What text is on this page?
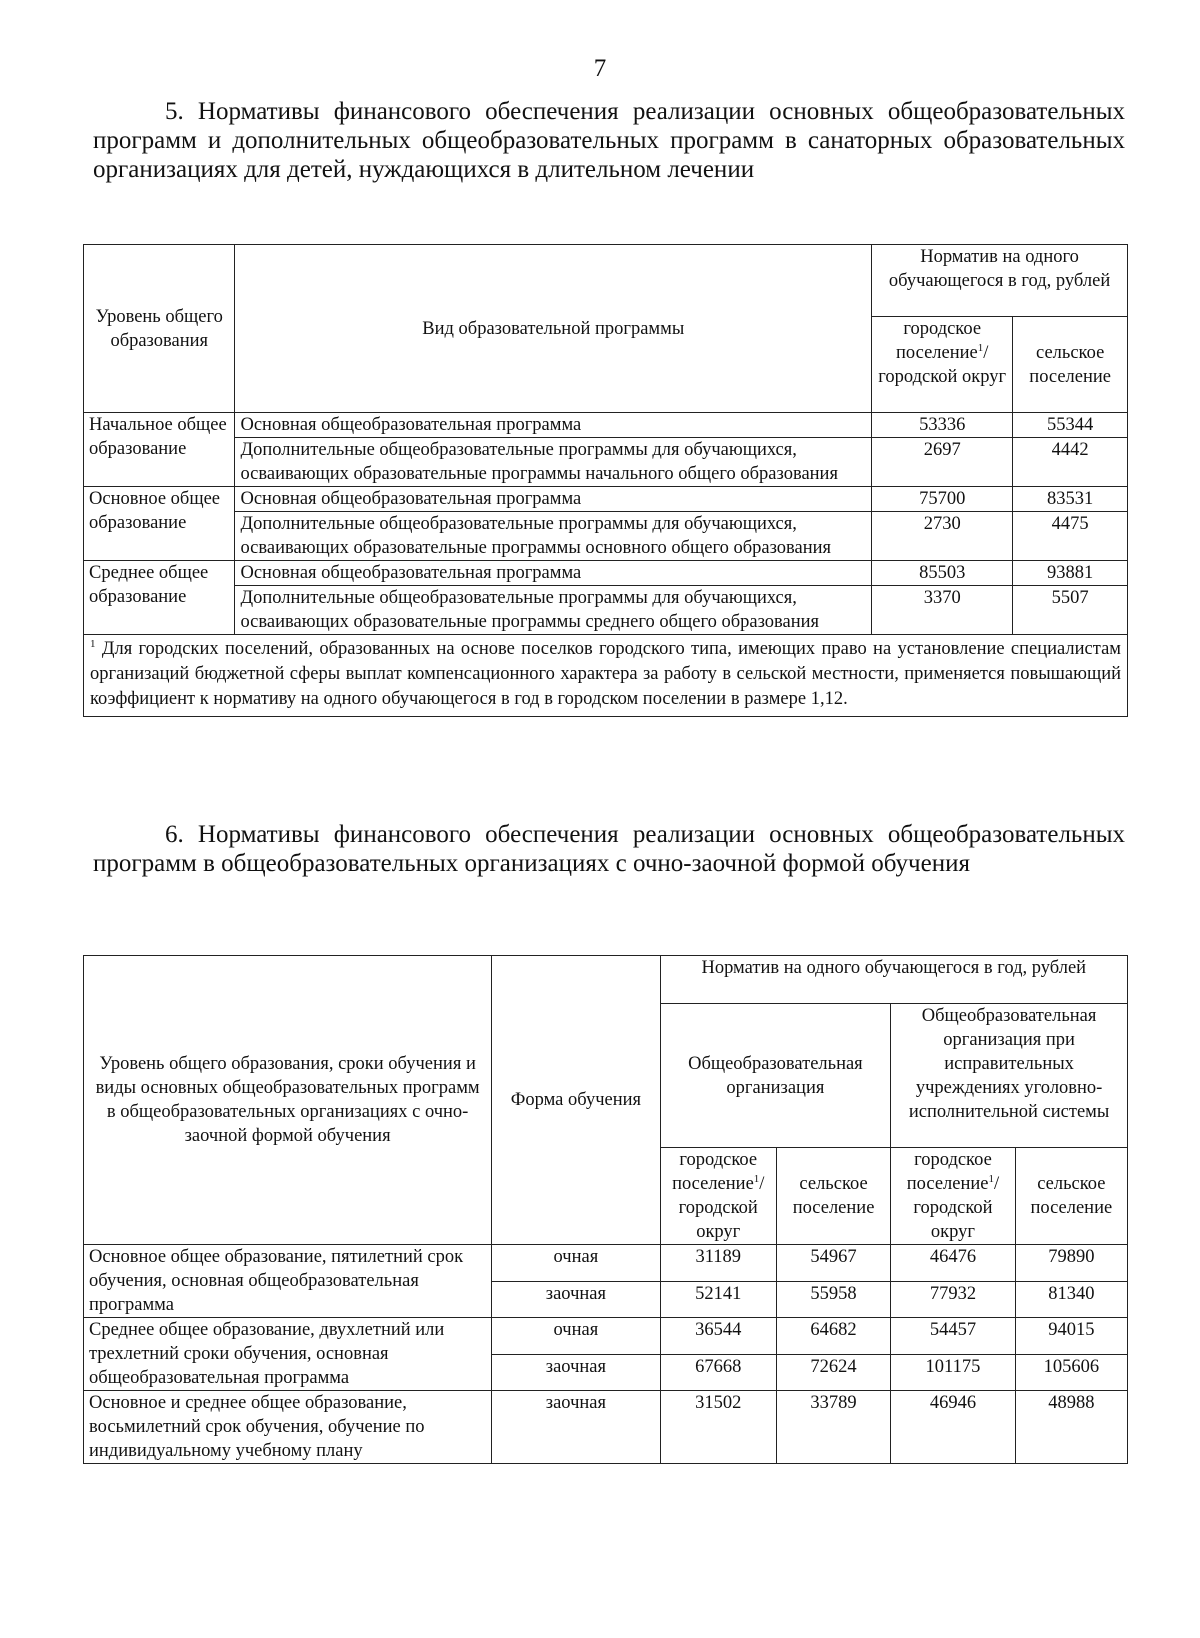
7
5. Нормативы финансового обеспечения реализации основных общеобразовательных программ и дополнительных общеобразовательных программ в санаторных образовательных организациях для детей, нуждающихся в длительном лечении
Уровень общего образования	Вид образовательной программы	Норматив на одного обучающегося в год, рублей	
		городское поселение$^1$/ городской округ	сельское поселение
Начальное общее образование	Основная общеобразовательная программа	53336	55344
	Дополнительные общеобразовательные программы для обучающихся, осваивающих образовательные программы начального общего образования	2697	4442
Основное общее образование	Основная общеобразовательная программа	75700	83531
	Дополнительные общеобразовательные программы для обучающихся, осваивающих образовательные программы основного общего образования	2730	4475
Среднее общее образование	Основная общеобразовательная программа	85503	93881
	Дополнительные общеобразовательные программы для обучающихся, осваивающих образовательные программы среднего общего образования	3370	5507
$^1$ Для городских поселений, образованных на основе поселков городского типа, имеющих право на установление специалистам организаций бюджетной сферы выплат компенсационного характера за работу в сельской местности, применяется повышающий коэффициент к нормативу на одного обучающегося в год в городском поселении в размере 1,12.			
6. Нормативы финансового обеспечения реализации основных общеобразовательных программ в общеобразовательных организациях с очно-заочной формой обучения
Уровень общего образования, сроки обучения и виды основных общеобразовательных программ в общеобразовательных организациях с очно-заочной формой обучения	Форма обучения	Норматив на одного обучающегося в год, рублей			
		Общеобразовательная организация		Общеобразовательная организация при исправительных учреждениях уголовно-исполнительной системы	
		городское поселение$^1$/ городской округ	сельское поселение	городское поселение$^1$/ городской округ	сельское поселение
Основное общее образование, пятилетний срок обучения, основная общеобразовательная программа	очная	31189	54967	46476	79890
	заочная	52141	55958	77932	81340
Среднее общее образование, двухлетний или трехлетний сроки обучения, основная общеобразовательная программа	очная	36544	64682	54457	94015
	заочная	67668	72624	101175	105606
Основное и среднее общее образование, восьмилетний срок обучения, обучение по индивидуальному учебному плану	заочная	31502	33789	46946	48988
